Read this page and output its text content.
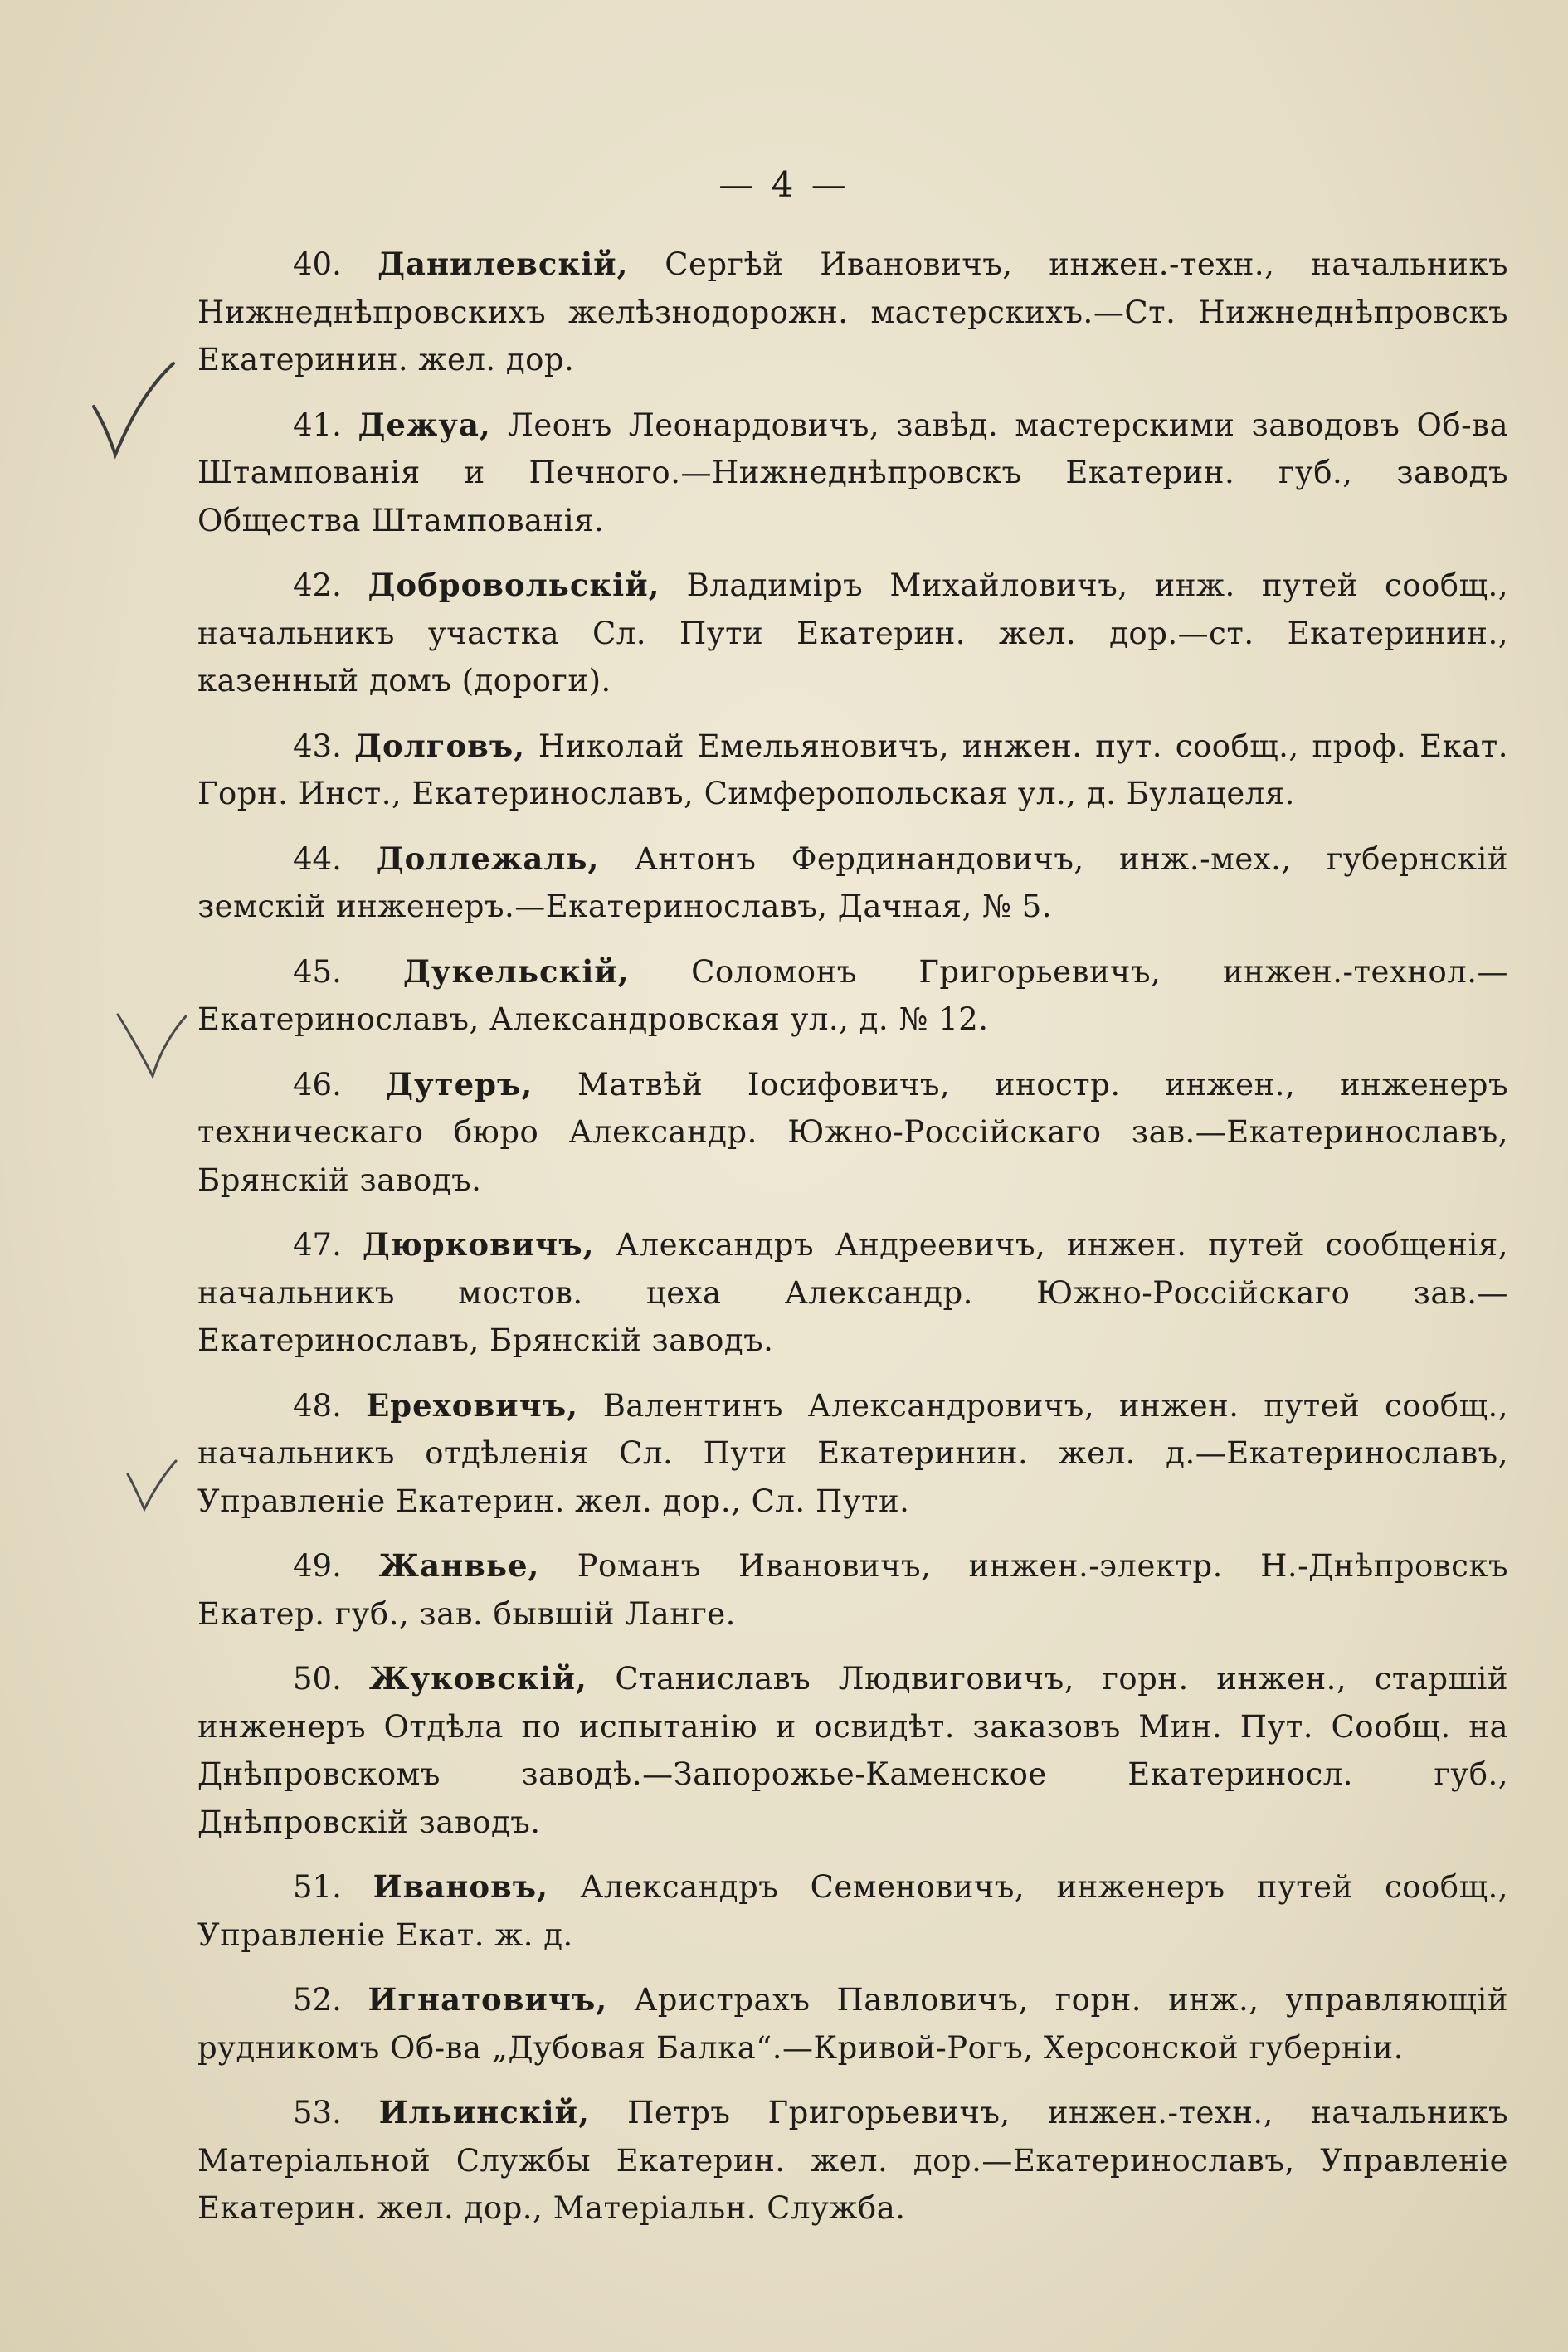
— 4 —

40. Данилевскій, Сергѣй Ивановичъ, инжен.-техн., начальникъ Нижнеднѣпровскихъ желѣзнодорожн. мастерскихъ.—Ст. Нижнеднѣпровскъ Екатеринин. жел. дор.

41. Дежуа, Леонъ Леонардовичъ, завѣд. мастерскими заводовъ Об-ва Штампованія и Печного.—Нижнеднѣпровскъ Екатерин. губ., заводъ Общества Штампованія.

42. Добровольскій, Владиміръ Михайловичъ, инж. путей сообщ., начальникъ участка Сл. Пути Екатерин. жел. дор.—ст. Екатеринин., казенный домъ (дороги).

43. Долговъ, Николай Емельяновичъ, инжен. пут. сообщ., проф. Екат. Горн. Инст., Екатеринославъ, Симферопольская ул., д. Булацеля.

44. Доллежаль, Антонъ Фердинандовичъ, инж.-мех., губернскій земскій инженеръ.—Екатеринославъ, Дачная, № 5.

45. Дукельскій, Соломонъ Григорьевичъ, инжен.-технол.—Екатеринославъ, Александровская ул., д. № 12.

46. Дутеръ, Матвѣй Іосифовичъ, иностр. инжен., инженеръ техническаго бюро Александр. Южно-Россійскаго зав.—Екатеринославъ, Брянскій заводъ.

47. Дюрковичъ, Александръ Андреевичъ, инжен. путей сообщенія, начальникъ мостов. цеха Александр. Южно-Россійскаго зав.—Екатеринославъ, Брянскій заводъ.

48. Ереховичъ, Валентинъ Александровичъ, инжен. путей сообщ., начальникъ отдѣленія Сл. Пути Екатеринин. жел. д.—Екатеринославъ, Управленіе Екатерин. жел. дор., Сл. Пути.

49. Жанвье, Романъ Ивановичъ, инжен.-электр. Н.-Днѣпровскъ Екатер. губ., зав. бывшій Ланге.

50. Жуковскій, Станиславъ Людвиговичъ, горн. инжен., старшій инженеръ Отдѣла по испытанію и освидѣт. заказовъ Мин. Пут. Сообщ. на Днѣпровскомъ заводѣ.—Запорожье-Каменское Екатериносл. губ., Днѣпровскій заводъ.

51. Ивановъ, Александръ Семеновичъ, инженеръ путей сообщ., Управленіе Екат. ж. д.

52. Игнатовичъ, Аристрахъ Павловичъ, горн. инж., управляющій рудникомъ Об-ва „Дубовая Балка“.—Кривой-Рогъ, Херсонской губерніи.

53. Ильинскій, Петръ Григорьевичъ, инжен.-техн., начальникъ Матеріальной Службы Екатерин. жел. дор.—Екатеринославъ, Управленіе Екатерин. жел. дор., Матеріальн. Служба.
